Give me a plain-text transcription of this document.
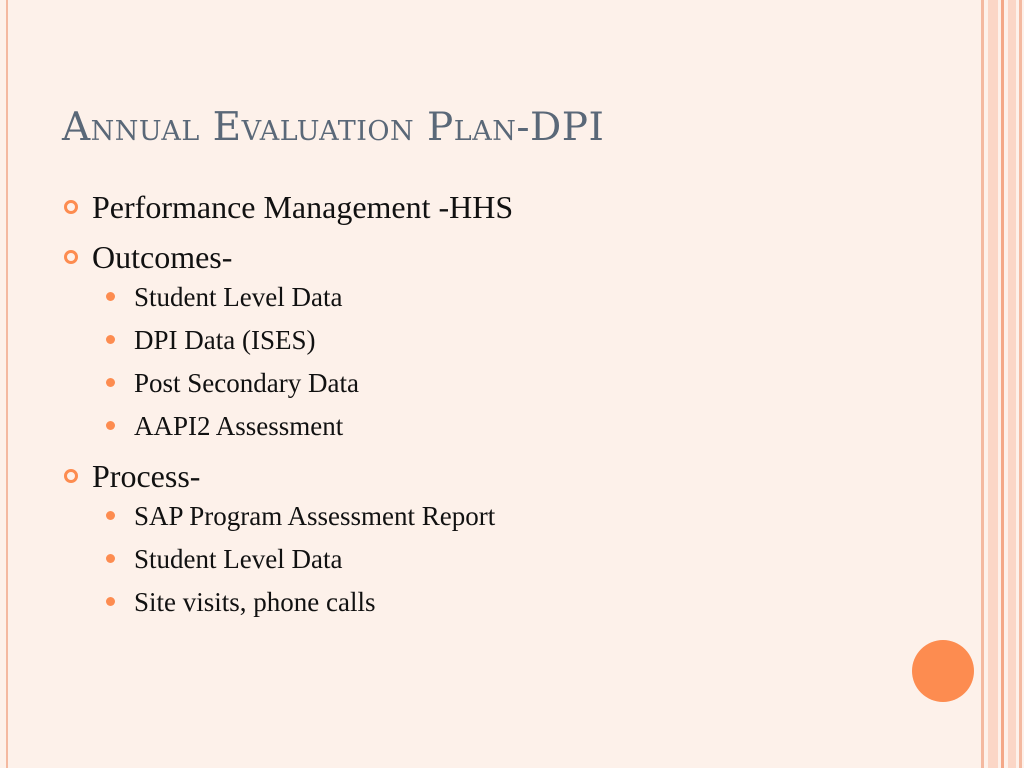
Annual Evaluation Plan-DPI
Performance Management -HHS
Outcomes-
Student Level Data
DPI Data (ISES)
Post Secondary Data
AAPI2 Assessment
Process-
SAP Program Assessment Report
Student Level Data
Site visits, phone calls
